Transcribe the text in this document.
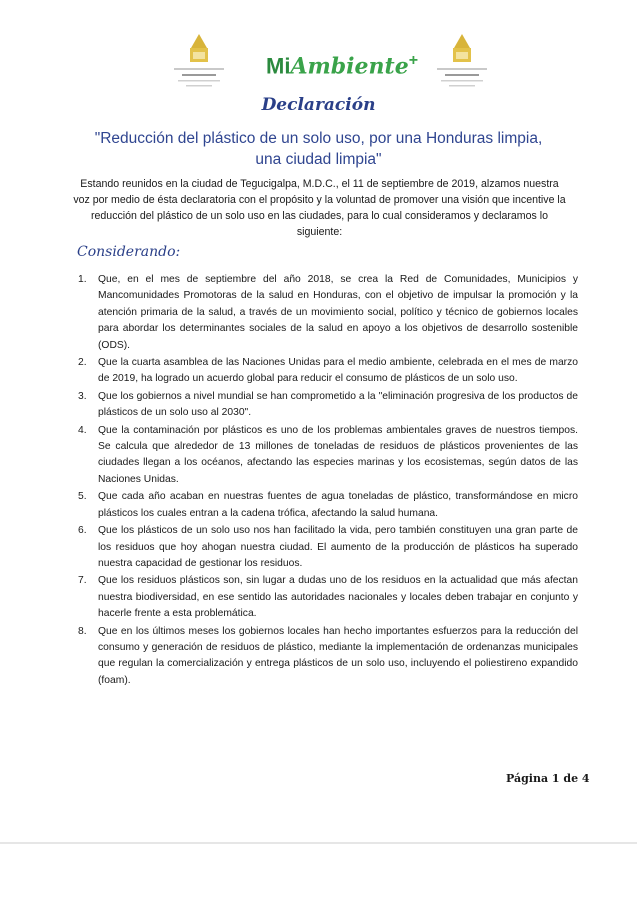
MiAmbiente+
Declaración
"Reducción del plástico de un solo uso, por una Honduras limpia, una ciudad limpia"
Estando reunidos en la ciudad de Tegucigalpa, M.D.C., el 11 de septiembre de 2019, alzamos nuestra voz por medio de ésta declaratoria con el propósito y la voluntad de promover una visión que incentive la reducción del plástico de un solo uso en las ciudades, para lo cual consideramos y declaramos lo siguiente:
Considerando:
1. Que, en el mes de septiembre del año 2018, se crea la Red de Comunidades, Municipios y Mancomunidades Promotoras de la salud en Honduras, con el objetivo de impulsar la promoción y la atención primaria de la salud, a través de un movimiento social, político y técnico de gobiernos locales para abordar los determinantes sociales de la salud en apoyo a los objetivos de desarrollo sostenible (ODS).
2. Que la cuarta asamblea de las Naciones Unidas para el medio ambiente, celebrada en el mes de marzo de 2019, ha logrado un acuerdo global para reducir el consumo de plásticos de un solo uso.
3. Que los gobiernos a nivel mundial se han comprometido a la "eliminación progresiva de los productos de plásticos de un solo uso al 2030".
4. Que la contaminación por plásticos es uno de los problemas ambientales graves de nuestros tiempos. Se calcula que alrededor de 13 millones de toneladas de residuos de plásticos provenientes de las ciudades llegan a los océanos, afectando las especies marinas y los ecosistemas, según datos de las Naciones Unidas.
5. Que cada año acaban en nuestras fuentes de agua toneladas de plástico, transformándose en micro plásticos los cuales entran a la cadena trófica, afectando la salud humana.
6. Que los plásticos de un solo uso nos han facilitado la vida, pero también constituyen una gran parte de los residuos que hoy ahogan nuestra ciudad. El aumento de la producción de plásticos ha superado nuestra capacidad de gestionar los residuos.
7. Que los residuos plásticos son, sin lugar a dudas uno de los residuos en la actualidad que más afectan nuestra biodiversidad, en ese sentido las autoridades nacionales y locales deben trabajar en conjunto y hacerle frente a esta problemática.
8. Que en los últimos meses los gobiernos locales han hecho importantes esfuerzos para la reducción del consumo y generación de residuos de plástico, mediante la implementación de ordenanzas municipales que regulan la comercialización y entrega plásticos de un solo uso, incluyendo el poliestireno expandido (foam).
Página 1 de 4
